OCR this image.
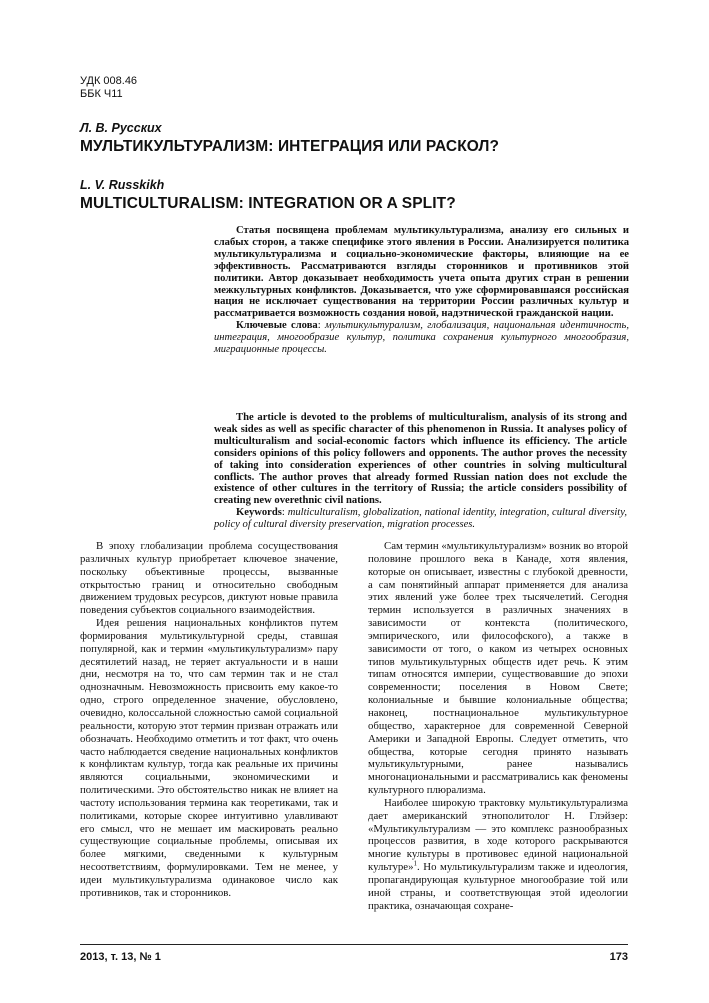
УДК 008.46
ББК Ч11
Л. В. Русских
МУЛЬТИКУЛЬТУРАЛИЗМ: ИНТЕГРАЦИЯ ИЛИ РАСКОЛ?
L. V. Russkikh
MULTICULTURALISM: INTEGRATION OR A SPLIT?

Статья посвящена проблемам мультикультурализма, анализу его сильных и слабых сторон, а также специфике этого явления в России. Анализируется политика мультикультурализма и социально-экономические факторы, влияющие на ее эффективность. Рассматриваются взгляды сторонников и противников этой политики. Автор доказывает необходимость учета опыта других стран в решении межкультурных конфликтов. Доказывается, что уже сформировавшаяся российская нация не исключает существования на территории России различных культур и рассматривается возможность создания новой, надэтнической гражданской нации.

Ключевые слова: мультикультурализм, глобализация, национальная идентичность, интеграция, многообразие культур, политика сохранения культурного многообразия, миграционные процессы.

The article is devoted to the problems of multiculturalism, analysis of its strong and weak sides as well as specific character of this phenomenon in Russia. It analyses policy of multiculturalism and social-economic factors which influence its efficiency. The article considers opinions of this policy followers and opponents. The author proves the necessity of taking into consideration experiences of other countries in solving multicultural conflicts. The author proves that already formed Russian nation does not exclude the existence of other cultures in the territory of Russia; the article considers possibility of creating new overethnic civil nations.

Keywords: multiculturalism, globalization, national identity, integration, cultural diversity, policy of cultural diversity preservation, migration processes.

В эпоху глобализации проблема сосуществования различных культур приобретает ключевое значение, поскольку объективные процессы, вызванные открытостью границ и относительно свободным движением трудовых ресурсов, диктуют новые правила поведения субъектов социального взаимодействия.

Идея решения национальных конфликтов путем формирования мультикультурной среды, ставшая популярной, как и термин «мультикультурализм» пару десятилетий назад, не теряет актуальности и в наши дни, несмотря на то, что сам термин так и не стал однозначным. Невозможность присвоить ему какое-то одно, строго определенное значение, обусловлено, очевидно, колоссальной сложностью самой социальной реальности, которую этот термин призван отражать или обозначать. Необходимо отметить и тот факт, что очень часто наблюдается сведение национальных конфликтов к конфликтам культур, тогда как реальные их причины являются социальными, экономическими и политическими. Это обстоятельство никак не влияет на частоту использования термина как теоретиками, так и политиками, которые скорее интуитивно улавливают его смысл, что не мешает им маскировать реально существующие социальные проблемы, описывая их более мягкими, сведенными к культурным несоответствиям, формулировками. Тем не менее, у идеи мультикультурализма одинаковое число как противников, так и сторонников.

Сам термин «мультикультурализм» возник во второй половине прошлого века в Канаде, хотя явления, которые он описывает, известны с глубокой древности, а сам понятийный аппарат применяется для анализа этих явлений уже более трех тысячелетий. Сегодня термин используется в различных значениях в зависимости от контекста (политического, эмпирического, или философского), а также в зависимости от того, о каком из четырех основных типов мультикультурных обществ идет речь. К этим типам относятся империи, существовавшие до эпохи современности; поселения в Новом Свете; колониальные и бывшие колониальные общества; наконец, постнациональное мультикультурное общество, характерное для современной Северной Америки и Западной Европы. Следует отметить, что общества, которые сегодня принято называть мультикультурными, ранее назывались многонациональными и рассматривались как феномены культурного плюрализма.

Наиболее широкую трактовку мультикультурализма дает американский этнополитолог Н. Глэйзер: «Мультикультурализм — это комплекс разнообразных процессов развития, в ходе которого раскрываются многие культуры в противовес единой национальной культуре»$^1$. Но мультикультурализм также и идеология, пропагандирующая культурное многообразие той или иной страны, и соответствующая этой идеологии практика, означающая сохране-

2013, т. 13, № 1	173
